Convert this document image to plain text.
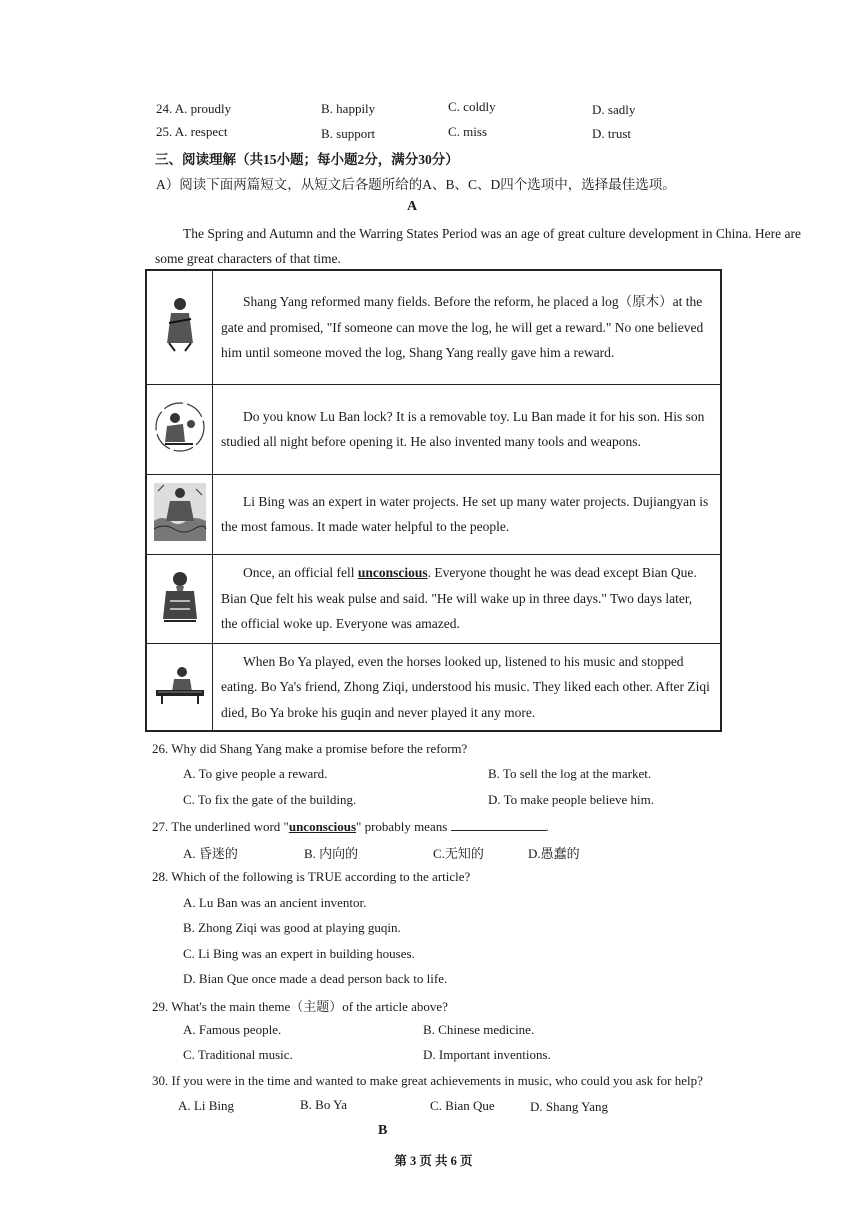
24. A. proudly	B. happily	C. coldly	D. sadly
25. A. respect	B. support	C. miss	D. trust
三、阅读理解（共15小题；每小题2分，满分30分）
A）阅读下面两篇短文，从短文后各题所给的A、B、C、D四个选项中，选择最佳选项。
A
The Spring and Autumn and the Warring States Period was an age of great culture development in China. Here are some great characters of that time.
	Shang Yang reformed many fields. Before the reform, he placed a log（原木）at the gate and promised, "If someone can move the log, he will get a reward." No one believed him until someone moved the log, Shang Yang really gave him a reward.
	Do you know Lu Ban lock? It is a removable toy. Lu Ban made it for his son. His son studied all night before opening it. He also invented many tools and weapons.
	Li Bing was an expert in water projects. He set up many water projects. Dujiangyan is the most famous. It made water helpful to the people.
	Once, an official fell unconscious. Everyone thought he was dead except Bian Que. Bian Que felt his weak pulse and said. "He will wake up in three days." Two days later, the official woke up. Everyone was amazed.
	When Bo Ya played, even the horses looked up, listened to his music and stopped eating. Bo Ya's friend, Zhong Ziqi, understood his music. They liked each other. After Ziqi died, Bo Ya broke his guqin and never played it any more.
26. Why did Shang Yang make a promise before the reform?
A. To give people a reward.	B. To sell the log at the market.
C. To fix the gate of the building.	D. To make people believe him.
27. The underlined word "unconscious" probably means	.
A. 昏迷的	B. 内向的	C.无知的	D.愚蠢的
28. Which of the following is TRUE according to the article?
A. Lu Ban was an ancient inventor.
B. Zhong Ziqi was good at playing guqin.
C. Li Bing was an expert in building houses.
D. Bian Que once made a dead person back to life.
29. What's the main theme（主题）of the article above?
A. Famous people.	B. Chinese medicine.
C. Traditional music.	D. Important inventions.
30. If you were in the time and wanted to make great achievements in music, who could you ask for help?
A. Li Bing	B. Bo Ya	C. Bian Que	D. Shang Yang
B
第 3 页 共 6 页
